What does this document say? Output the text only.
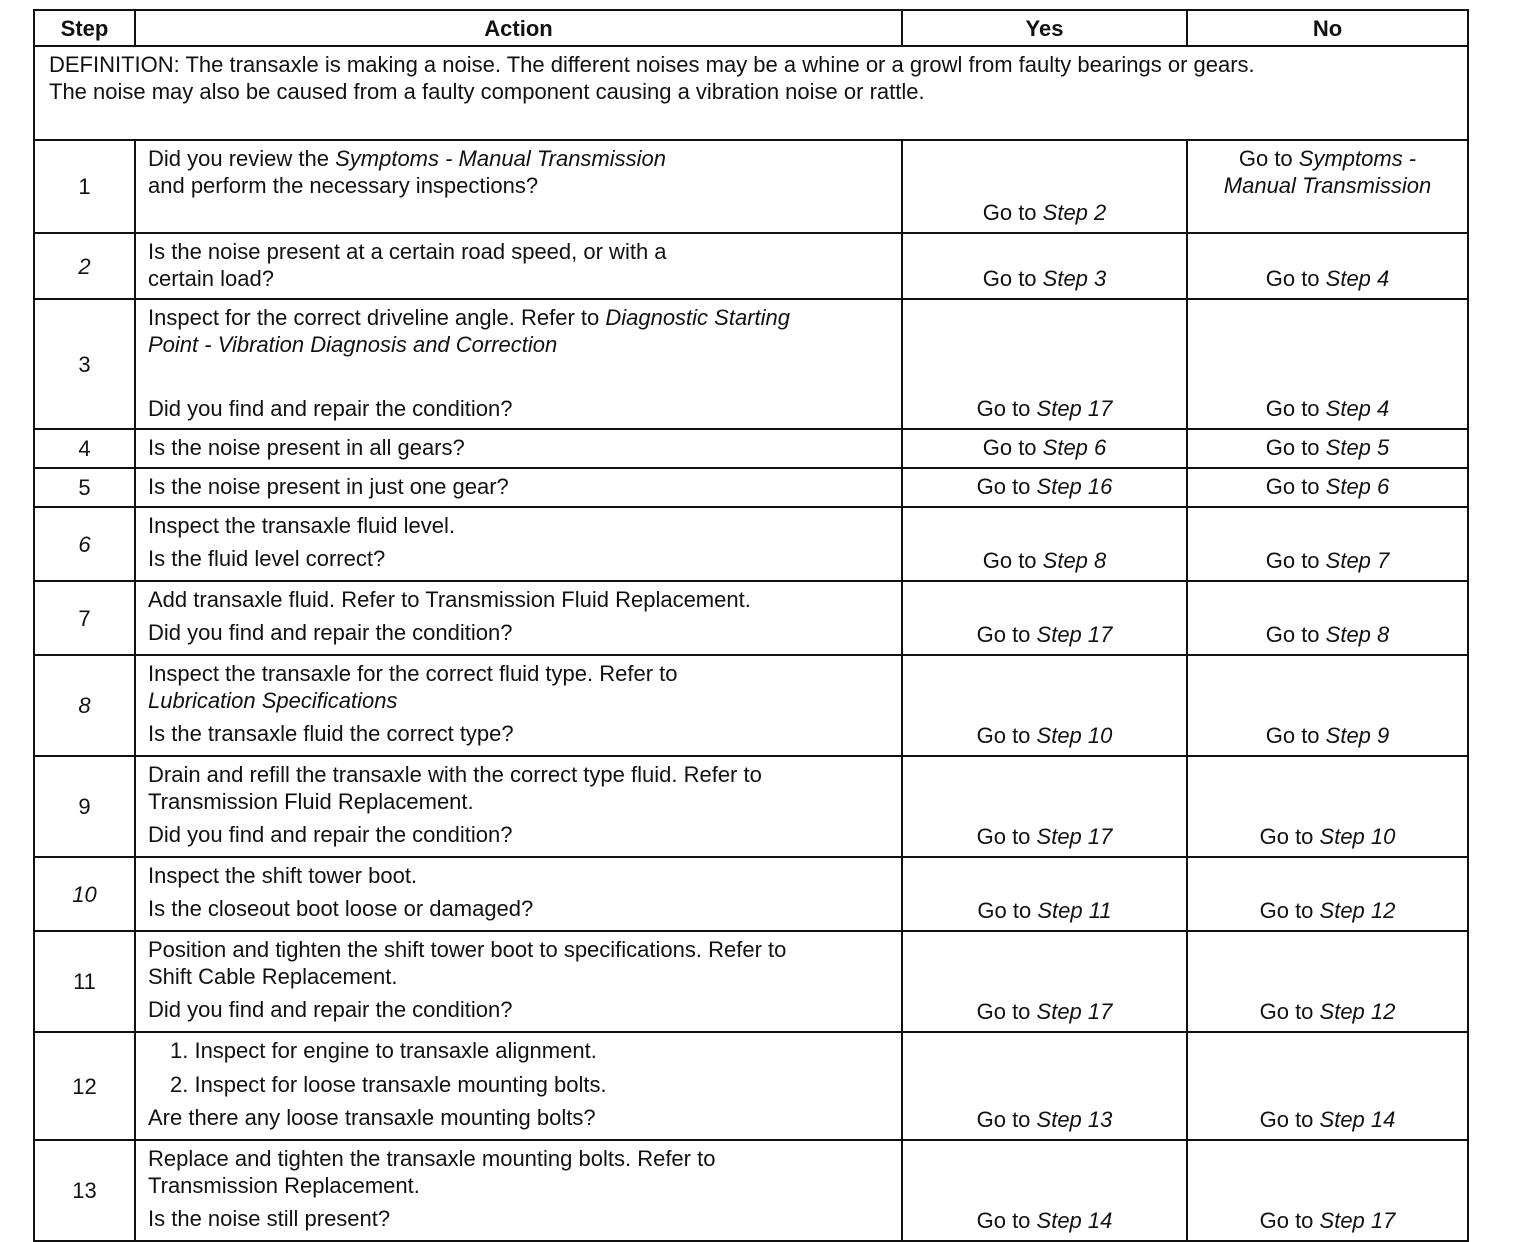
Step	Action	Yes	No

DEFINITION: The transaxle is making a noise. The different noises may be a whine or a growl from faulty bearings or gears.
The noise may also be caused from a faulty component causing a vibration noise or rattle.			

1	Did you review the Symptoms - Manual Transmission
and perform the necessary inspections?	Go to Step 2	Go to Symptoms -
Manual Transmission
2	Is the noise present at a certain road speed, or with a
certain load?	Go to Step 3	Go to Step 4
3	Inspect for the correct driveline angle. Refer to Diagnostic Starting
Point - Vibration Diagnosis and Correction
Did you find and repair the condition?	Go to Step 17	Go to Step 4
4	Is the noise present in all gears?	Go to Step 6	Go to Step 5
5	Is the noise present in just one gear?	Go to Step 16	Go to Step 6
6	Inspect the transaxle fluid level.
Is the fluid level correct?	Go to Step 8	Go to Step 7
7	Add transaxle fluid. Refer to Transmission Fluid Replacement.
Did you find and repair the condition?	Go to Step 17	Go to Step 8
8	Inspect the transaxle for the correct fluid type. Refer to
Lubrication Specifications
Is the transaxle fluid the correct type?	Go to Step 10	Go to Step 9
9	Drain and refill the transaxle with the correct type fluid. Refer to
Transmission Fluid Replacement.
Did you find and repair the condition?	Go to Step 17	Go to Step 10
10	Inspect the shift tower boot.
Is the closeout boot loose or damaged?	Go to Step 11	Go to Step 12
11	Position and tighten the shift tower boot to specifications. Refer to
Shift Cable Replacement.
Did you find and repair the condition?	Go to Step 17	Go to Step 12
12	1. Inspect for engine to transaxle alignment.
2. Inspect for loose transaxle mounting bolts.
Are there any loose transaxle mounting bolts?	Go to Step 13	Go to Step 14
13	Replace and tighten the transaxle mounting bolts. Refer to
Transmission Replacement.
Is the noise still present?	Go to Step 14	Go to Step 17
